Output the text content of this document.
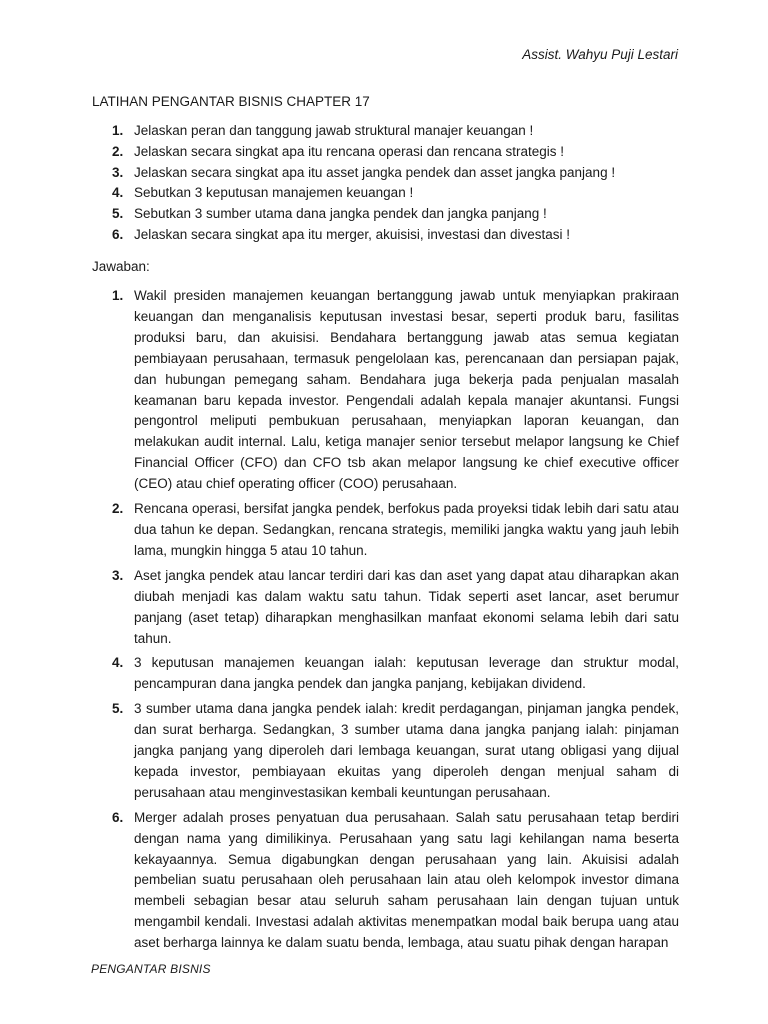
Assist. Wahyu Puji Lestari
LATIHAN PENGANTAR BISNIS CHAPTER 17
1. Jelaskan peran dan tanggung jawab struktural manajer keuangan !
2. Jelaskan secara singkat apa itu rencana operasi dan rencana strategis !
3. Jelaskan secara singkat apa itu asset jangka pendek dan asset jangka panjang !
4. Sebutkan 3 keputusan manajemen keuangan !
5. Sebutkan 3 sumber utama dana jangka pendek dan jangka panjang !
6. Jelaskan secara singkat apa itu merger, akuisisi, investasi dan divestasi !
Jawaban:
1. Wakil presiden manajemen keuangan bertanggung jawab untuk menyiapkan prakiraan keuangan dan menganalisis keputusan investasi besar, seperti produk baru, fasilitas produksi baru, dan akuisisi. Bendahara bertanggung jawab atas semua kegiatan pembiayaan perusahaan, termasuk pengelolaan kas, perencanaan dan persiapan pajak, dan hubungan pemegang saham. Bendahara juga bekerja pada penjualan masalah keamanan baru kepada investor. Pengendali adalah kepala manajer akuntansi. Fungsi pengontrol meliputi pembukuan perusahaan, menyiapkan laporan keuangan, dan melakukan audit internal. Lalu, ketiga manajer senior tersebut melapor langsung ke Chief Financial Officer (CFO) dan CFO tsb akan melapor langsung ke chief executive officer (CEO) atau chief operating officer (COO) perusahaan.
2. Rencana operasi, bersifat jangka pendek, berfokus pada proyeksi tidak lebih dari satu atau dua tahun ke depan. Sedangkan, rencana strategis, memiliki jangka waktu yang jauh lebih lama, mungkin hingga 5 atau 10 tahun.
3. Aset jangka pendek atau lancar terdiri dari kas dan aset yang dapat atau diharapkan akan diubah menjadi kas dalam waktu satu tahun. Tidak seperti aset lancar, aset berumur panjang (aset tetap) diharapkan menghasilkan manfaat ekonomi selama lebih dari satu tahun.
4. 3 keputusan manajemen keuangan ialah: keputusan leverage dan struktur modal, pencampuran dana jangka pendek dan jangka panjang, kebijakan dividend.
5. 3 sumber utama dana jangka pendek ialah: kredit perdagangan, pinjaman jangka pendek, dan surat berharga. Sedangkan, 3 sumber utama dana jangka panjang ialah: pinjaman jangka panjang yang diperoleh dari lembaga keuangan, surat utang obligasi yang dijual kepada investor, pembiayaan ekuitas yang diperoleh dengan menjual saham di perusahaan atau menginvestasikan kembali keuntungan perusahaan.
6. Merger adalah proses penyatuan dua perusahaan. Salah satu perusahaan tetap berdiri dengan nama yang dimilikinya. Perusahaan yang satu lagi kehilangan nama beserta kekayaannya. Semua digabungkan dengan perusahaan yang lain. Akuisisi adalah pembelian suatu perusahaan oleh perusahaan lain atau oleh kelompok investor dimana membeli sebagian besar atau seluruh saham perusahaan lain dengan tujuan untuk mengambil kendali. Investasi adalah aktivitas menempatkan modal baik berupa uang atau aset berharga lainnya ke dalam suatu benda, lembaga, atau suatu pihak dengan harapan
PENGANTAR BISNIS
